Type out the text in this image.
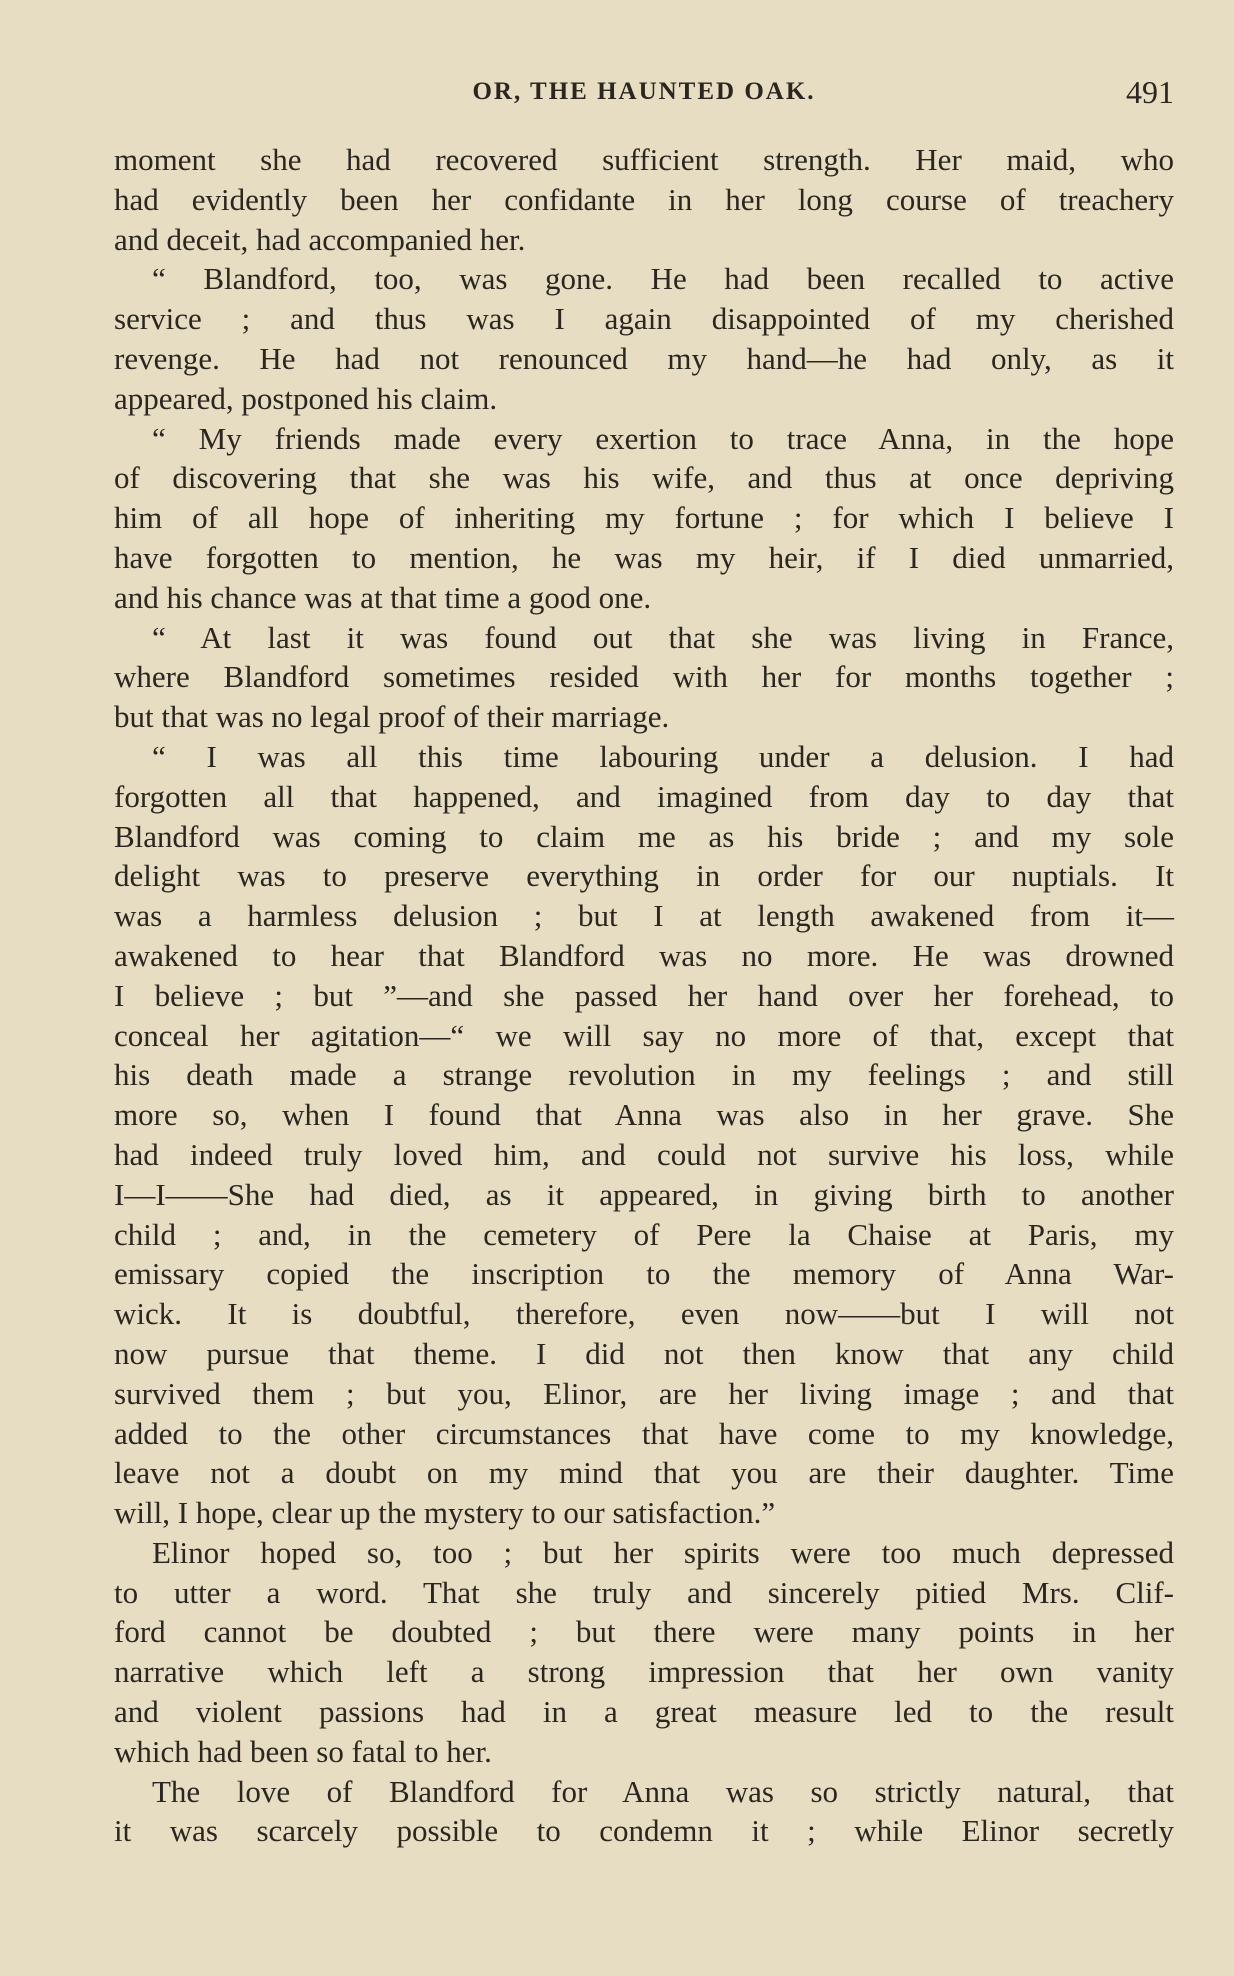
OR, THE HAUNTED OAK.	491
moment she had recovered sufficient strength. Her maid, who
had evidently been her confidante in her long course of treachery
and deceit, had accompanied her.
“ Blandford, too, was gone. He had been recalled to active
service ; and thus was I again disappointed of my cherished
revenge. He had not renounced my hand—he had only, as it
appeared, postponed his claim.
“ My friends made every exertion to trace Anna, in the hope
of discovering that she was his wife, and thus at once depriving
him of all hope of inheriting my fortune ; for which I believe I
have forgotten to mention, he was my heir, if I died unmarried,
and his chance was at that time a good one.
“ At last it was found out that she was living in France,
where Blandford sometimes resided with her for months together ;
but that was no legal proof of their marriage.
“ I was all this time labouring under a delusion. I had
forgotten all that happened, and imagined from day to day that
Blandford was coming to claim me as his bride ; and my sole
delight was to preserve everything in order for our nuptials. It
was a harmless delusion ; but I at length awakened from it—
awakened to hear that Blandford was no more. He was drowned
I believe ; but ”—and she passed her hand over her forehead, to
conceal her agitation—“ we will say no more of that, except that
his death made a strange revolution in my feelings ; and still
more so, when I found that Anna was also in her grave. She
had indeed truly loved him, and could not survive his loss, while
I—I——She had died, as it appeared, in giving birth to another
child ; and, in the cemetery of Pere la Chaise at Paris, my
emissary copied the inscription to the memory of Anna War-
wick. It is doubtful, therefore, even now——but I will not
now pursue that theme. I did not then know that any child
survived them ; but you, Elinor, are her living image ; and that
added to the other circumstances that have come to my knowledge,
leave not a doubt on my mind that you are their daughter. Time
will, I hope, clear up the mystery to our satisfaction.”
Elinor hoped so, too ; but her spirits were too much depressed
to utter a word. That she truly and sincerely pitied Mrs. Clif-
ford cannot be doubted ; but there were many points in her
narrative which left a strong impression that her own vanity
and violent passions had in a great measure led to the result
which had been so fatal to her.
The love of Blandford for Anna was so strictly natural, that
it was scarcely possible to condemn it ; while Elinor secretly
